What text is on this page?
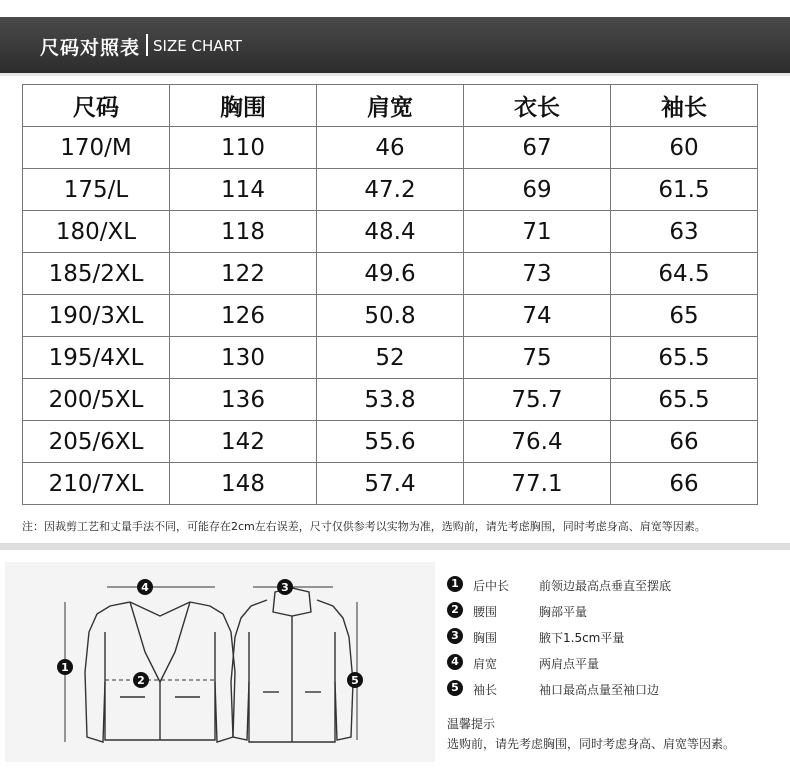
尺码对照表 SIZE CHART
尺码	胸围	肩宽	衣长	袖长
170/M	110	46	67	60
175/L	114	47.2	69	61.5
180/XL	118	48.4	71	63
185/2XL	122	49.6	73	64.5
190/3XL	126	50.8	74	65
195/4XL	130	52	75	65.5
200/5XL	136	53.8	75.7	65.5
205/6XL	142	55.6	76.4	66
210/7XL	148	57.4	77.1	66
注：因裁剪工艺和丈量手法不同，可能存在2cm左右误差，尺寸仅供参考以实物为准，选购前，请先考虑胸围，同时考虑身高、肩宽等因素。
4
1
2
3
5
1	后中长 前领边最高点垂直至摆底
2	腰围	胸部平量
3	胸围	腋下1.5cm平量
4	肩宽	两肩点平量
5	袖长	袖口最高点量至袖口边
温馨提示
选购前，请先考虑胸围，同时考虑身高、肩宽等因素。
